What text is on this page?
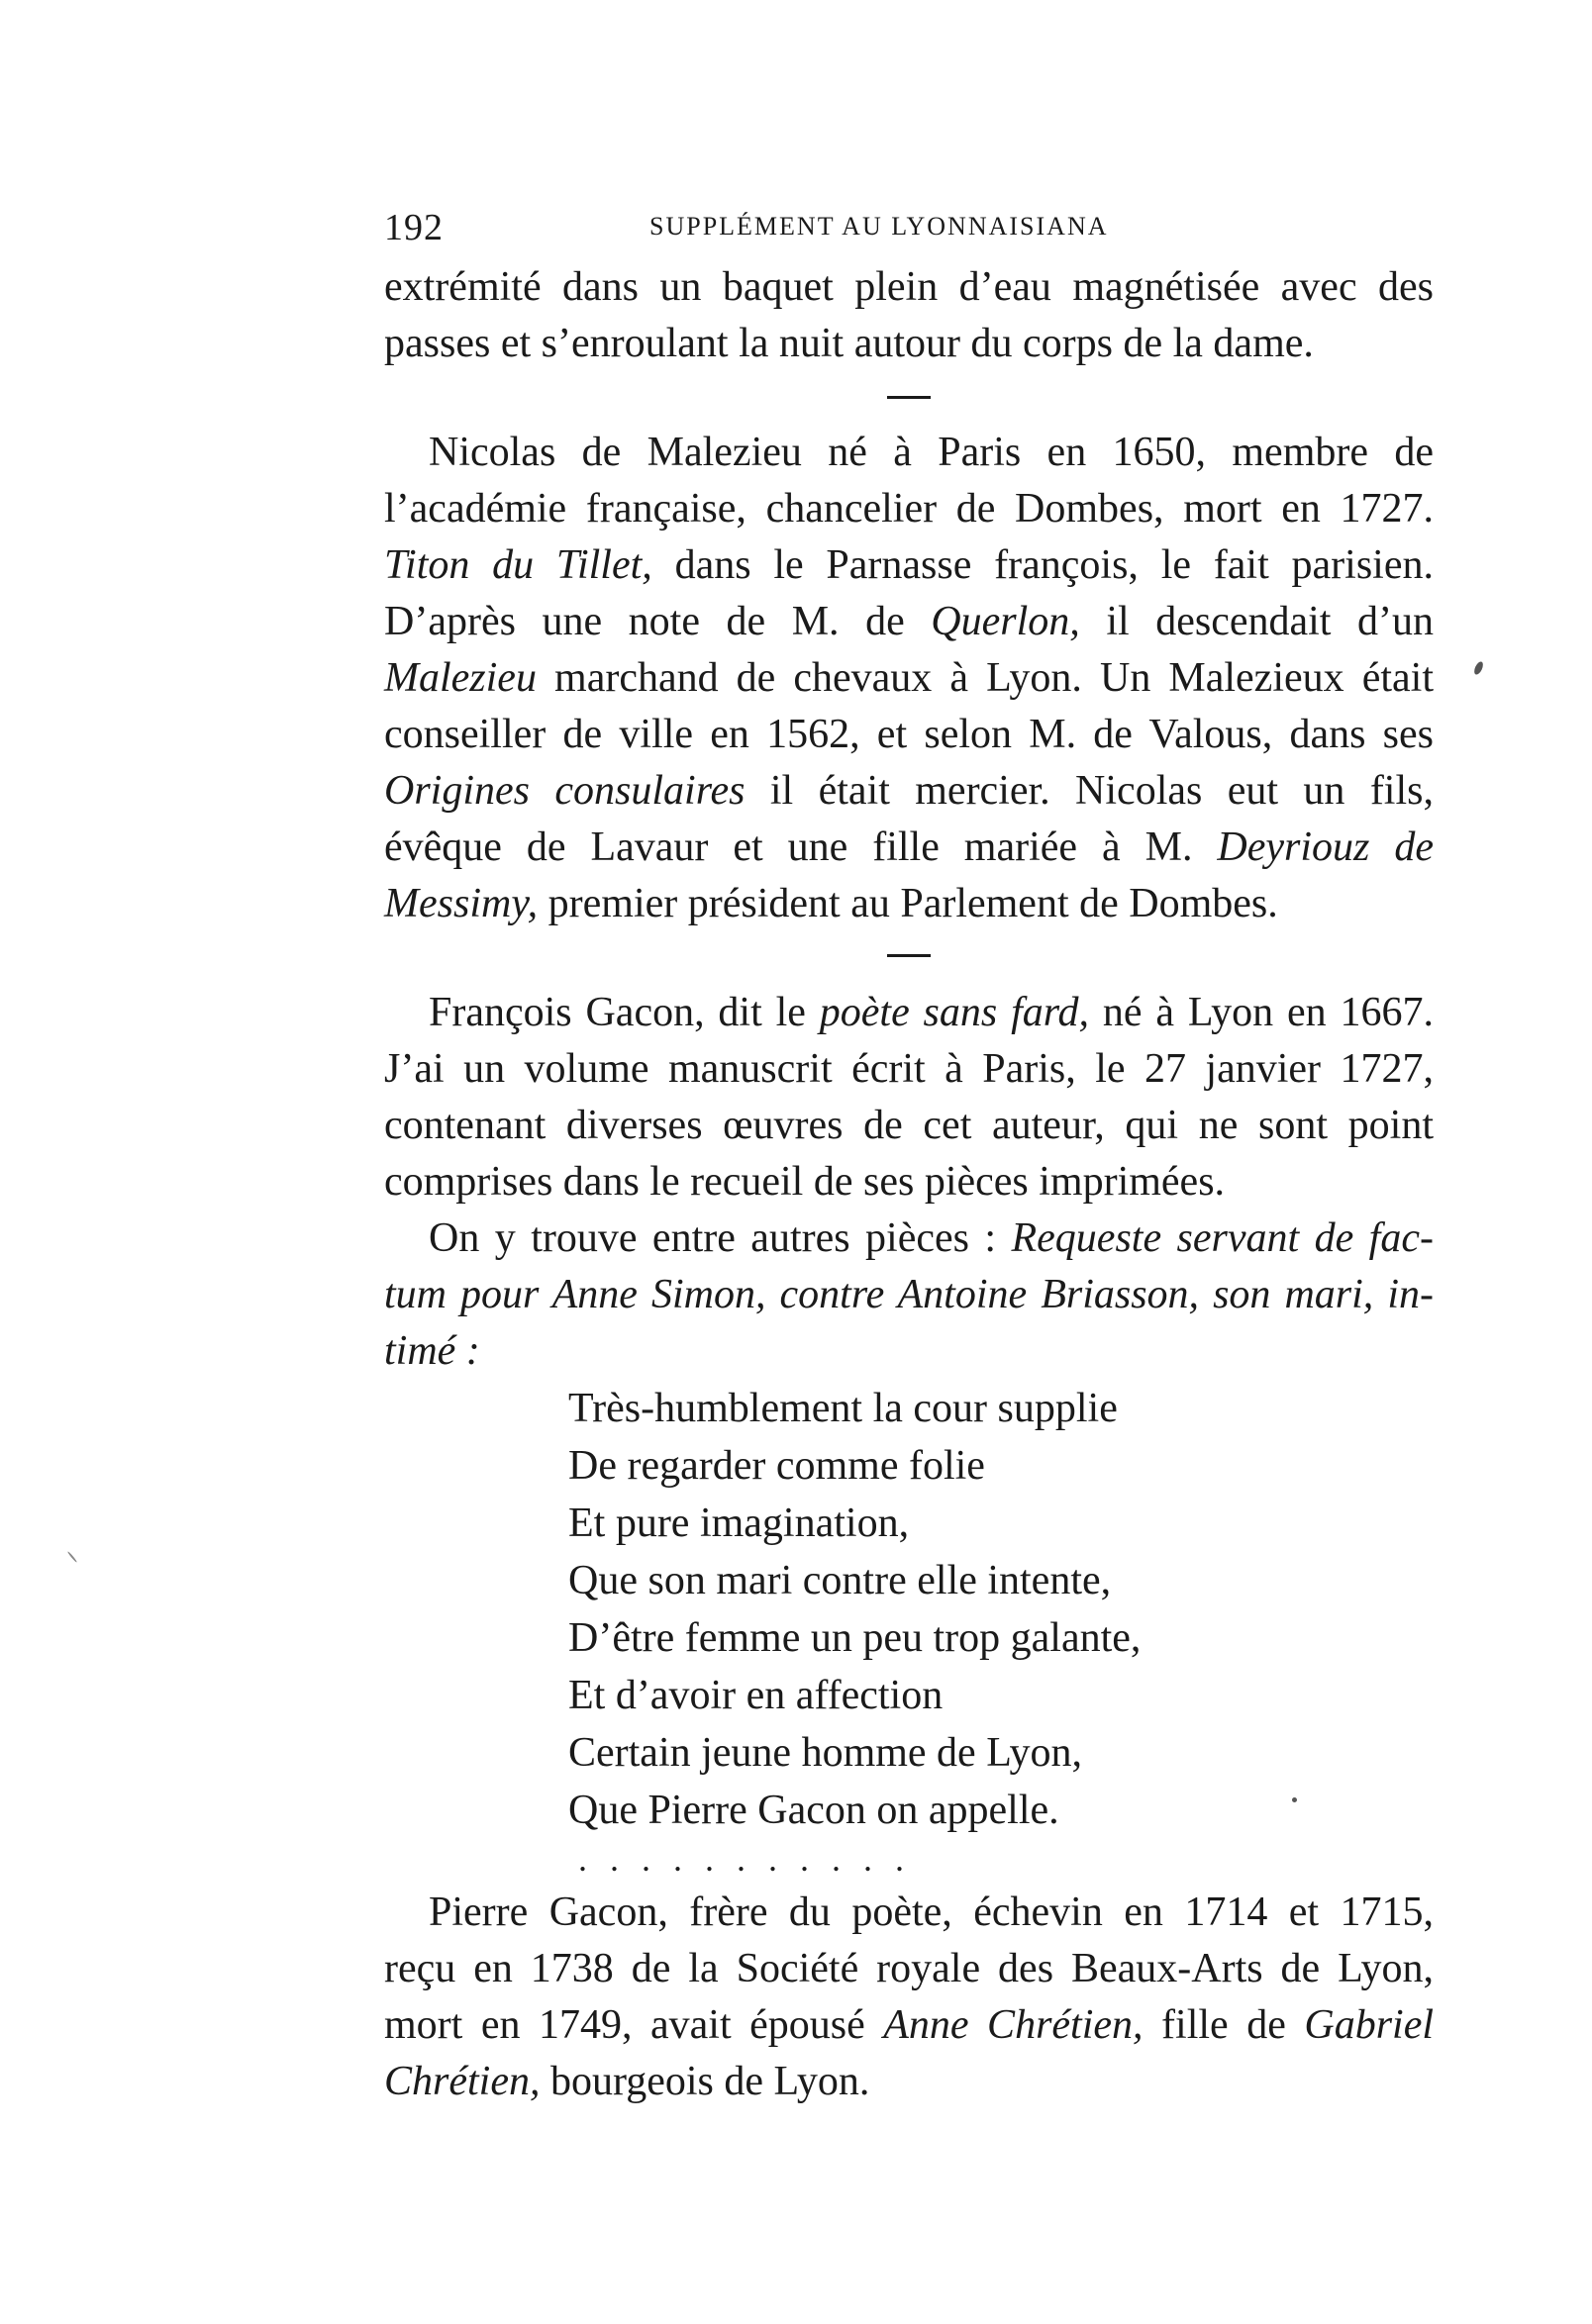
192	SUPPLÉMENT AU LYONNAISIANA
extrémité dans un baquet plein d’eau magnétisée avec des
passes et s’enroulant la nuit autour du corps de la dame.
Nicolas de Malezieu né à Paris en 1650, membre de
l’académie française, chancelier de Dombes, mort en 1727.
Titon du Tillet, dans le Parnasse françois, le fait parisien.
D’après une note de M. de Querlon, il descendait d’un
Malezieu marchand de chevaux à Lyon. Un Malezieux était
conseiller de ville en 1562, et selon M. de Valous, dans ses
Origines consulaires il était mercier. Nicolas eut un fils,
évêque de Lavaur et une fille mariée à M. Deyriouz de
Messimy, premier président au Parlement de Dombes.
François Gacon, dit le poète sans fard, né à Lyon en 1667.
J’ai un volume manuscrit écrit à Paris, le 27 janvier 1727,
contenant diverses œuvres de cet auteur, qui ne sont point
comprises dans le recueil de ses pièces imprimées.
On y trouve entre autres pièces : Requeste servant de fac-
tum pour Anne Simon, contre Antoine Briasson, son mari, in-
timé :
Très-humblement la cour supplie
De regarder comme folie
Et pure imagination,
Que son mari contre elle intente,
D’être femme un peu trop galante,
Et d’avoir en affection
Certain jeune homme de Lyon,
Que Pierre Gacon on appelle.
...........
Pierre Gacon, frère du poète, échevin en 1714 et 1715,
reçu en 1738 de la Société royale des Beaux-Arts de Lyon,
mort en 1749, avait épousé Anne Chrétien, fille de Gabriel
Chrétien, bourgeois de Lyon.
